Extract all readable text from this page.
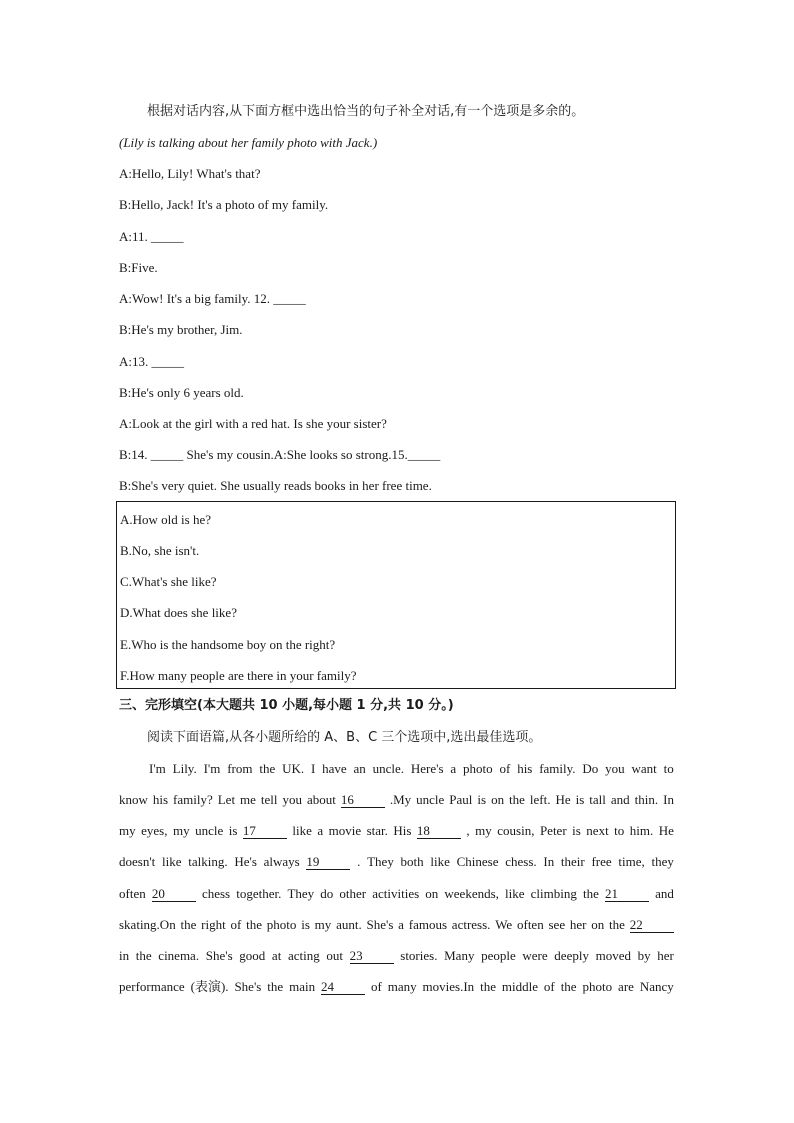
根据对话内容,从下面方框中选出恰当的句子补全对话,有一个选项是多余的。
(Lily is talking about her family photo with Jack.)
A:Hello, Lily! What's that?
B:Hello, Jack! It's a photo of my family.
A:11. _____
B:Five.
A:Wow! It's a big family. 12. _____
B:He's my brother, Jim.
A:13. _____
B:He's only 6 years old.
A:Look at the girl with a red hat. Is she your sister?
B:14. _____ She's my cousin.A:She looks so strong.15._____
B:She's very quiet. She usually reads books in her free time.
A.How old is he?
B.No, she isn't.
C.What's she like?
D.What does she like?
E.Who is the handsome boy on the right?
F.How many people are there in your family?
三、完形填空(本大题共 10 小题,每小题 1 分,共 10 分。)
阅读下面语篇,从各小题所给的 A、B、C 三个选项中,选出最佳选项。
I'm Lily. I'm from the UK. I have an uncle. Here's a photo of his family. Do you want to
know his family? Let me tell you about 16	.My uncle Paul is on the left. He is tall and thin. In
my eyes, my uncle is 17	like a movie star. His 18	, my cousin, Peter is next to him. He
doesn't like talking. He's always 19	. They both like Chinese chess. In their free time, they
often 20	chess together. They do other activities on weekends, like climbing the 21	and
skating.On the right of the photo is my aunt. She's a famous actress. We often see her on the 22
in the cinema. She's good at acting out 23	stories. Many people were deeply moved by her
performance (表演). She's the main 24	of many movies.In the middle of the photo are Nancy
